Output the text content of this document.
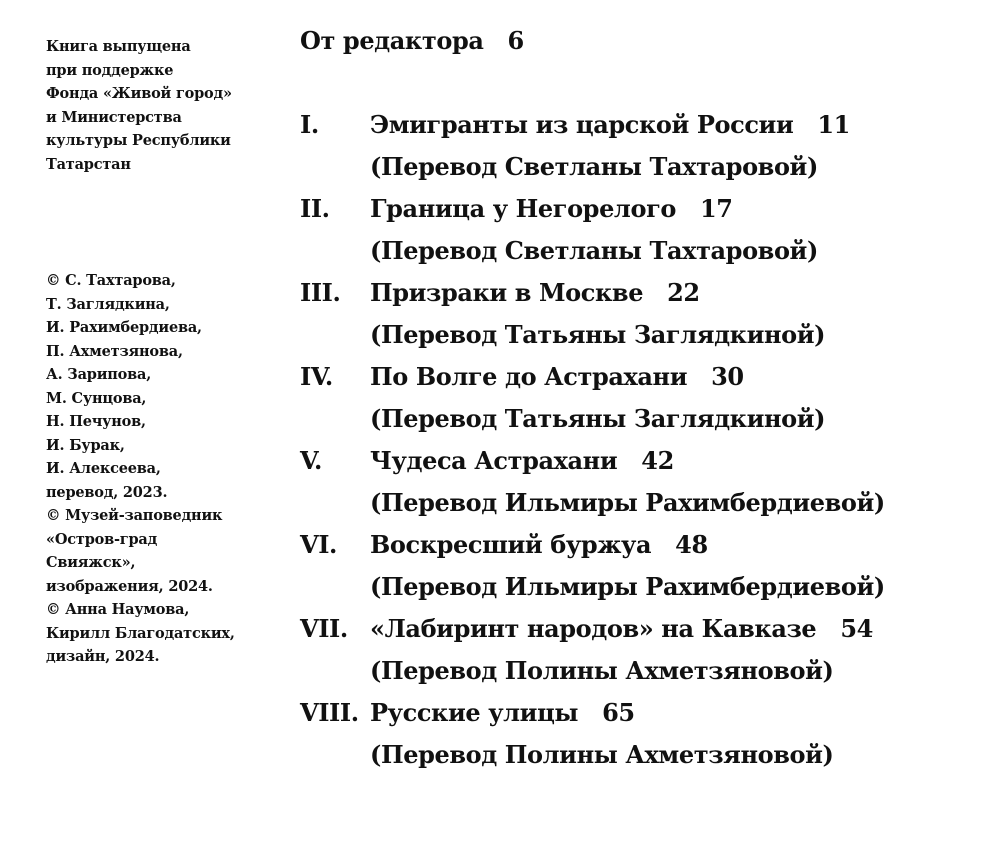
Книга выпущена
при поддержке
Фонда «Живой город»
и Министерства
культуры Республики
Татарстан
© С. Тахтарова,
Т. Заглядкина,
И. Рахимбердиева,
П. Ахметзянова,
А. Зарипова,
М. Сунцова,
Н. Печунов,
И. Бурак,
И. Алексеева,
перевод, 2023.
© Музей-заповедник
«Остров-град
Свияжск»,
изображения, 2024.
© Анна Наумова,
Кирилл Благодатских,
дизайн, 2024.
От редактора 6
I. Эмигранты из царской России 11
(Перевод Светланы Тахтаровой)
II. Граница у Негорелого 17
(Перевод Светланы Тахтаровой)
III. Призраки в Москве 22
(Перевод Татьяны Заглядкиной)
IV. По Волге до Астрахани 30
(Перевод Татьяны Заглядкиной)
V. Чудеса Астрахани 42
(Перевод Ильмиры Рахимбердиевой)
VI. Воскресший буржуа 48
(Перевод Ильмиры Рахимбердиевой)
VII. «Лабиринт народов» на Кавказе 54
(Перевод Полины Ахметзяновой)
VIII. Русские улицы 65
(Перевод Полины Ахметзяновой)
